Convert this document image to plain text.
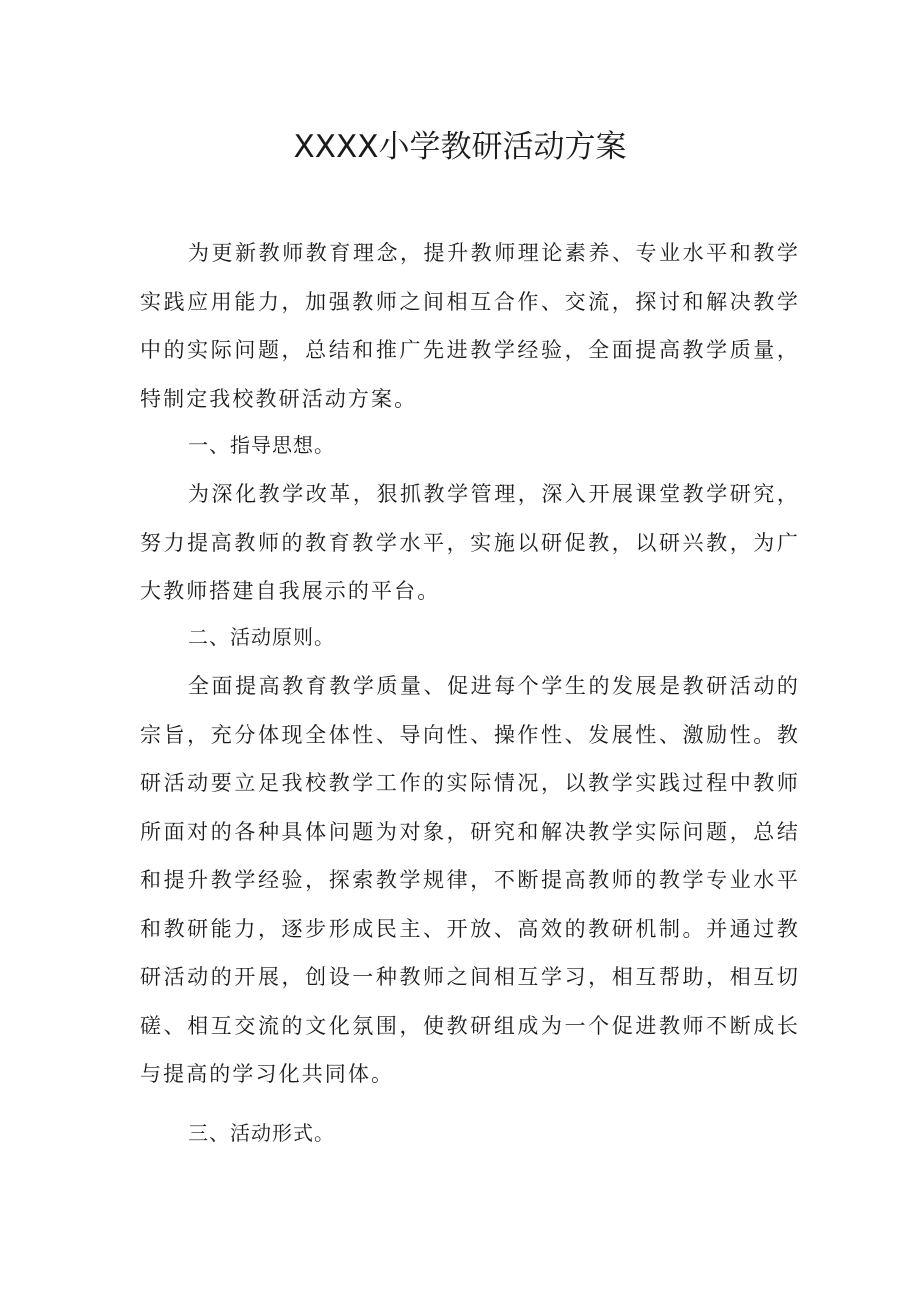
XXXX小学教研活动方案

为更新教师教育理念，提升教师理论素养、专业水平和教学实践应用能力，加强教师之间相互合作、交流，探讨和解决教学中的实际问题，总结和推广先进教学经验，全面提高教学质量，特制定我校教研活动方案。

一、指导思想。

为深化教学改革，狠抓教学管理，深入开展课堂教学研究，努力提高教师的教育教学水平，实施以研促教，以研兴教，为广大教师搭建自我展示的平台。

二、活动原则。

全面提高教育教学质量、促进每个学生的发展是教研活动的宗旨，充分体现全体性、导向性、操作性、发展性、激励性。教研活动要立足我校教学工作的实际情况，以教学实践过程中教师所面对的各种具体问题为对象，研究和解决教学实际问题，总结和提升教学经验，探索教学规律，不断提高教师的教学专业水平和教研能力，逐步形成民主、开放、高效的教研机制。并通过教研活动的开展，创设一种教师之间相互学习，相互帮助，相互切磋、相互交流的文化氛围，使教研组成为一个促进教师不断成长与提高的学习化共同体。

三、活动形式。
